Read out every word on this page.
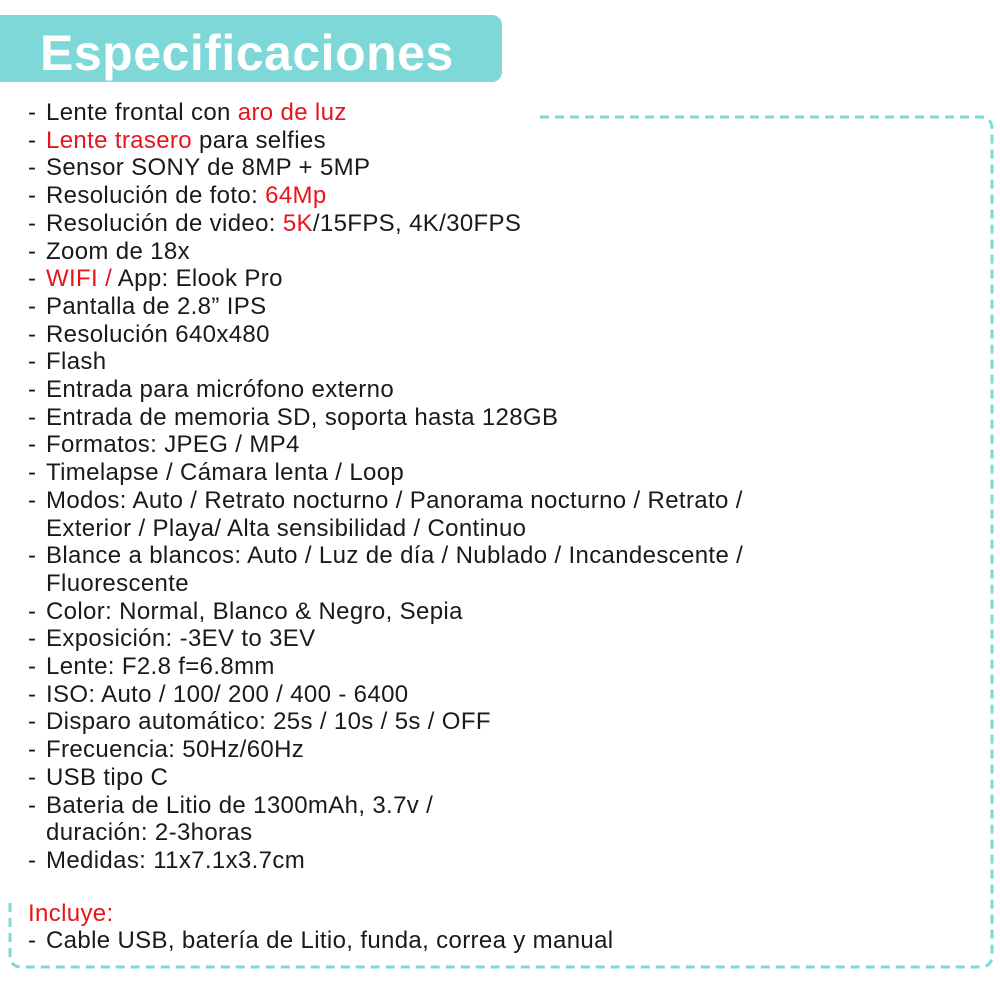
Especificaciones
- Lente frontal con aro de luz
- Lente trasero para selfies
- Sensor SONY de 8MP + 5MP
- Resolución de foto: 64Mp
- Resolución de video: 5K/15FPS, 4K/30FPS
- Zoom de 18x
- WIFI / App: Elook Pro
- Pantalla de 2.8” IPS
- Resolución 640x480
- Flash
- Entrada para micrófono externo
- Entrada de memoria SD, soporta hasta 128GB
- Formatos: JPEG / MP4
- Timelapse / Cámara lenta / Loop
- Modos: Auto / Retrato nocturno / Panorama nocturno / Retrato /
Exterior / Playa/ Alta sensibilidad / Continuo
- Blance a blancos: Auto / Luz de día / Nublado / Incandescente /
Fluorescente
- Color: Normal, Blanco & Negro, Sepia
- Exposición: -3EV to 3EV
- Lente: F2.8 f=6.8mm
- ISO: Auto / 100/ 200 / 400 - 6400
- Disparo automático: 25s / 10s / 5s / OFF
- Frecuencia: 50Hz/60Hz
- USB tipo C
- Bateria de Litio de 1300mAh, 3.7v /
duración: 2-3horas
- Medidas: 11x7.1x3.7cm
Incluye:
- Cable USB, batería de Litio, funda, correa y manual
